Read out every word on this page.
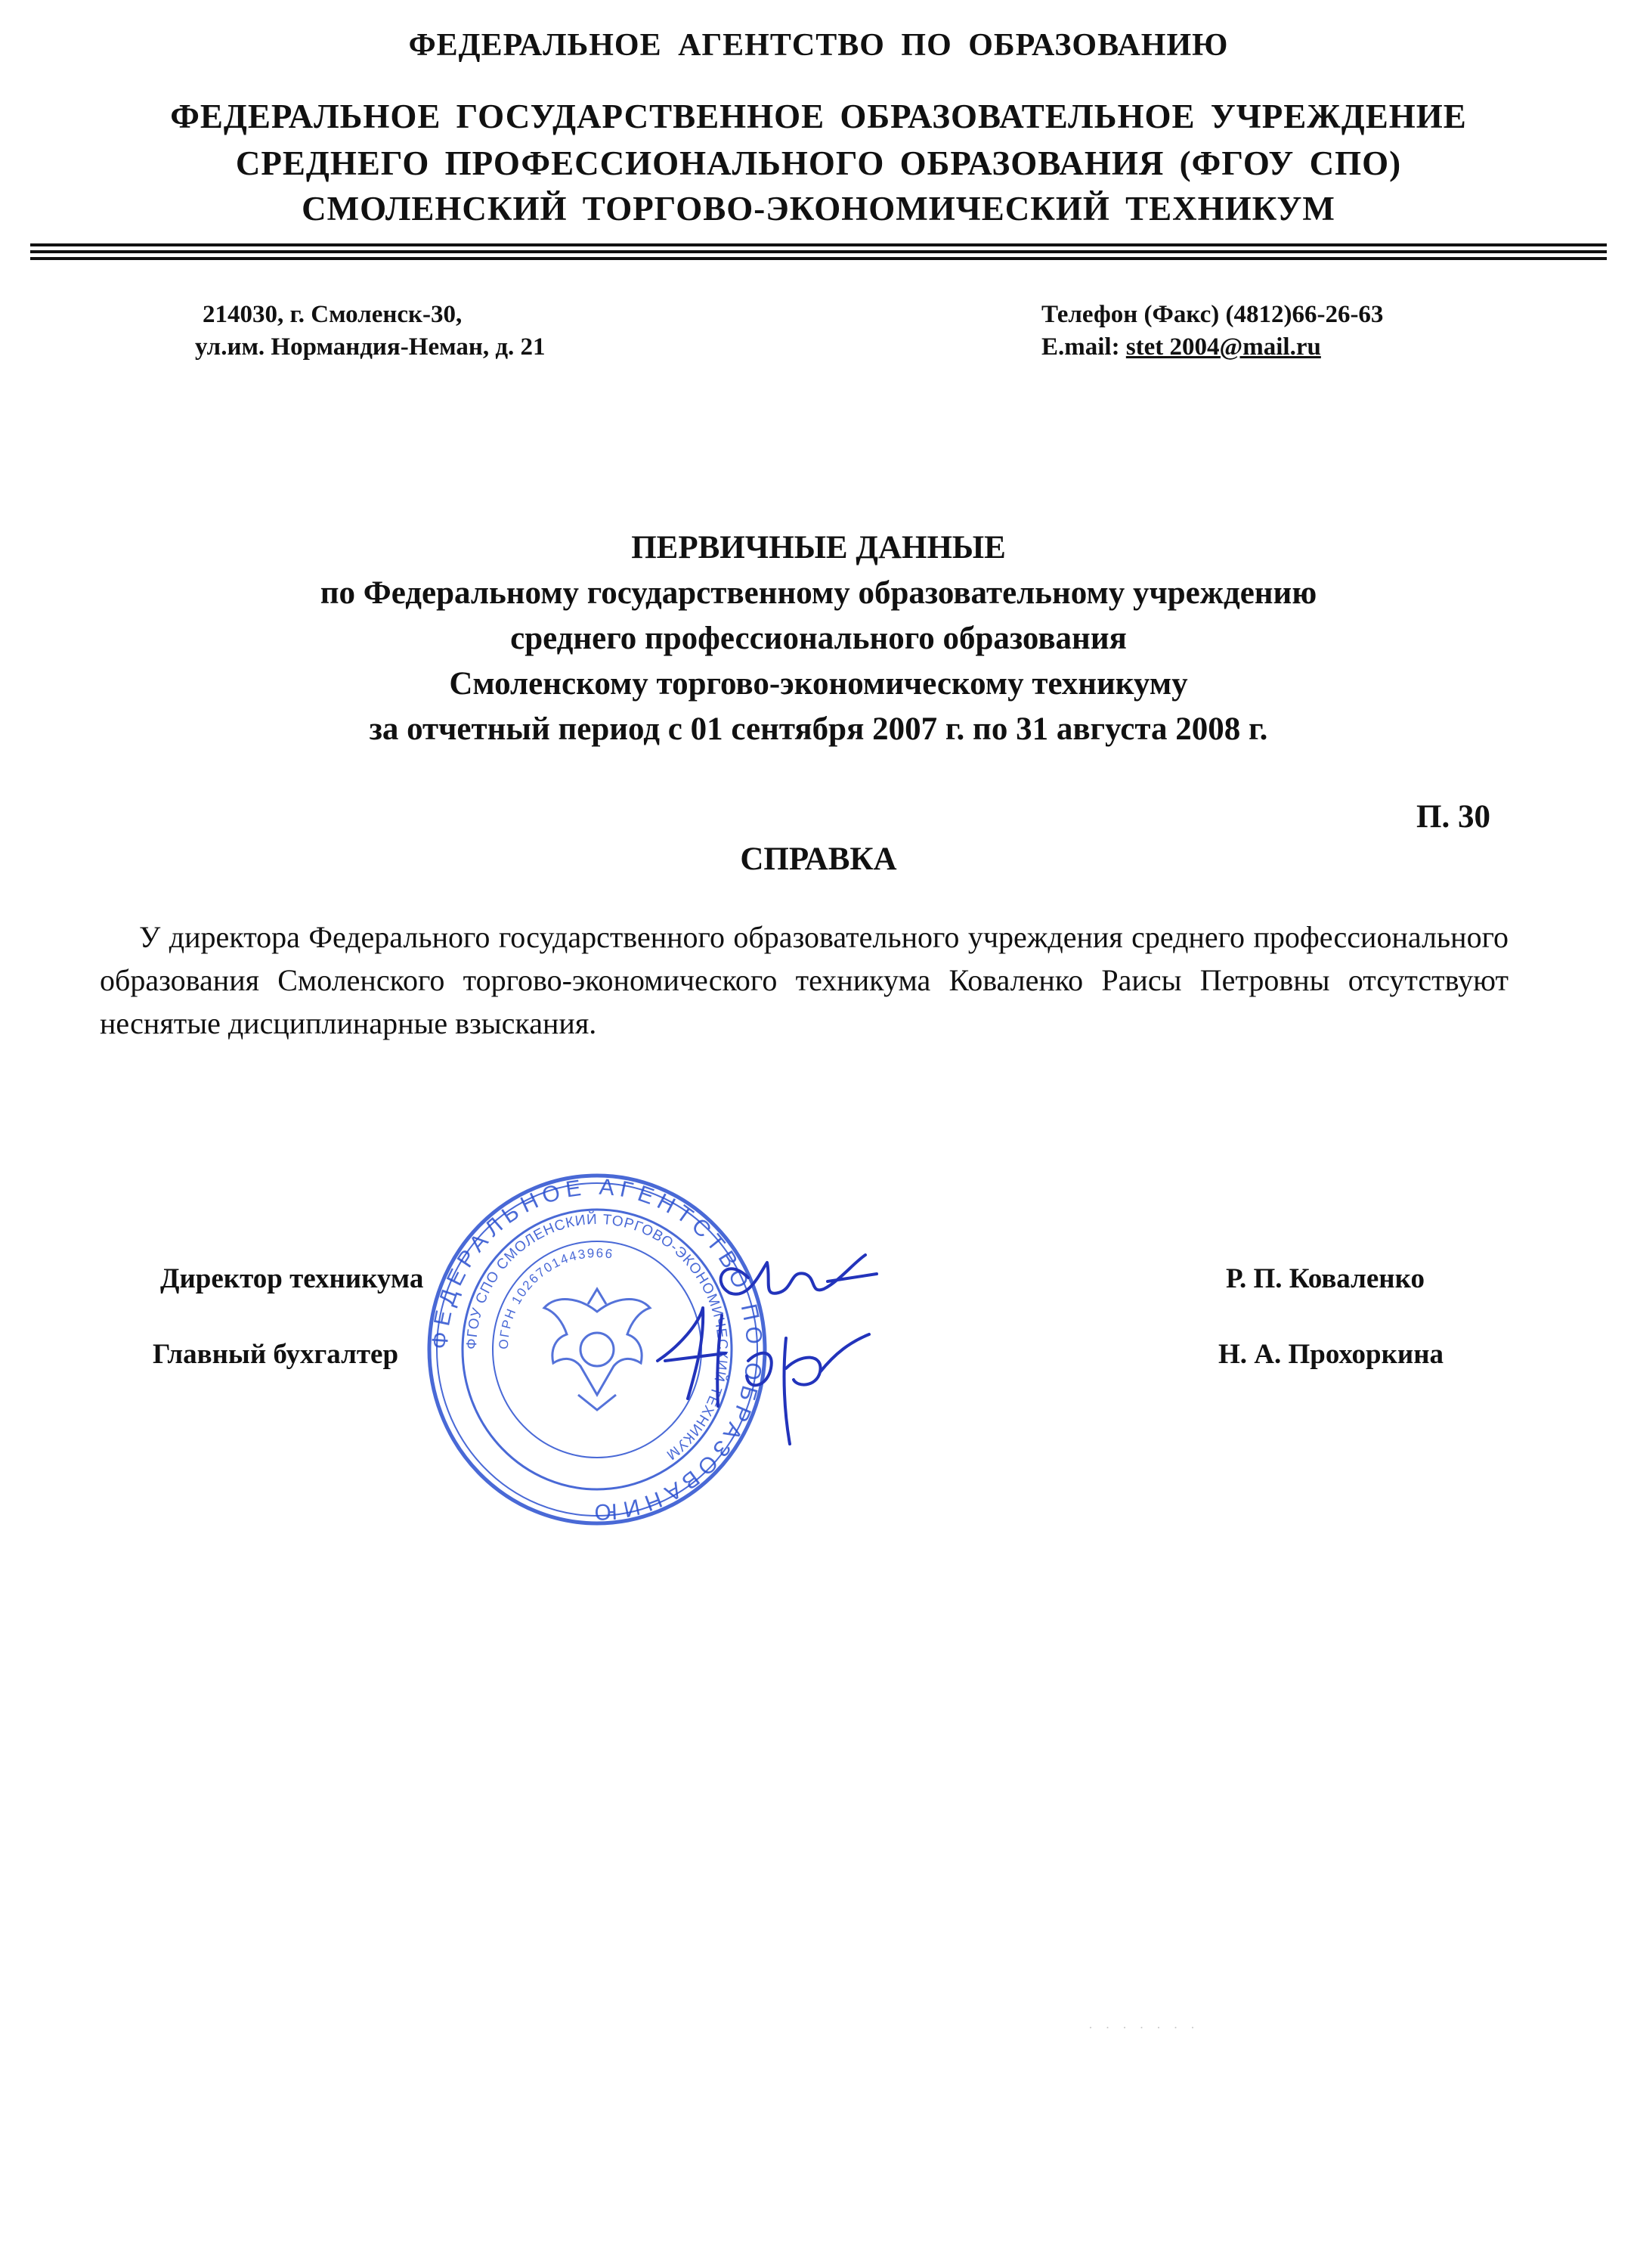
ФЕДЕРАЛЬНОЕ АГЕНТСТВО ПО ОБРАЗОВАНИЮ
ФЕДЕРАЛЬНОЕ ГОСУДАРСТВЕННОЕ ОБРАЗОВАТЕЛЬНОЕ УЧРЕЖДЕНИЕ
СРЕДНЕГО ПРОФЕССИОНАЛЬНОГО ОБРАЗОВАНИЯ (ФГОУ СПО)
СМОЛЕНСКИЙ ТОРГОВО-ЭКОНОМИЧЕСКИЙ ТЕХНИКУМ
214030, г. Смоленск-30,
ул.им. Нормандия-Неман, д. 21
Телефон (Факс) (4812)66-26-63
E.mail: stet 2004@mail.ru
ПЕРВИЧНЫЕ ДАННЫЕ
по Федеральному государственному образовательному учреждению
среднего профессионального образования
Смоленскому торгово-экономическому техникуму
за отчетный период с 01 сентября 2007 г. по 31 августа 2008 г.
П. 30
СПРАВКА
У директора Федерального государственного образовательного учреждения среднего профессионального образования Смоленского торгово-экономического техникума Коваленко Раисы Петровны отсутствуют неснятые дисциплинарные взыскания.
Директор техникума	Р. П. Коваленко
Главный бухгалтер	Н. А. Прохоркина
ФЕДЕРАЛЬНОЕ АГЕНТСТВО ПО ОБРАЗОВАНИЮ
ФГОУ СПО СМОЛЕНСКИЙ ТОРГОВО-ЭКОНОМИЧЕСКИЙ ТЕХНИКУМ
ОГРН 1026701443966
· · · · · · ·
